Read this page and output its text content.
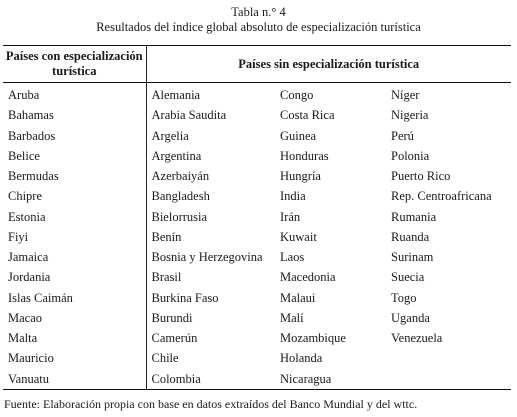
Tabla n.° 4
Resultados del índice global absoluto de especialización turística
Países con especialización turística	Países sin especialización turística		
Aruba	Alemania	Congo	Níger
Bahamas	Arabia Saudita	Costa Rica	Nigeria
Barbados	Argelia	Guinea	Perú
Belice	Argentina	Honduras	Polonia
Bermudas	Azerbaiyán	Hungría	Puerto Rico
Chipre	Bangladesh	India	Rep. Centroafricana
Estonia	Bielorrusia	Irán	Rumania
Fiyi	Benín	Kuwait	Ruanda
Jamaica	Bosnia y Herzegovina	Laos	Surinam
Jordania	Brasil	Macedonia	Suecia
Islas Caimán	Burkina Faso	Malaui	Togo
Macao	Burundi	Malí	Uganda
Malta	Camerún	Mozambique	Venezuela
Mauricio	Chile	Holanda	
Vanuatu	Colombia	Nicaragua	
Fuente: Elaboración propia con base en datos extraídos del Banco Mundial y del wttc.
